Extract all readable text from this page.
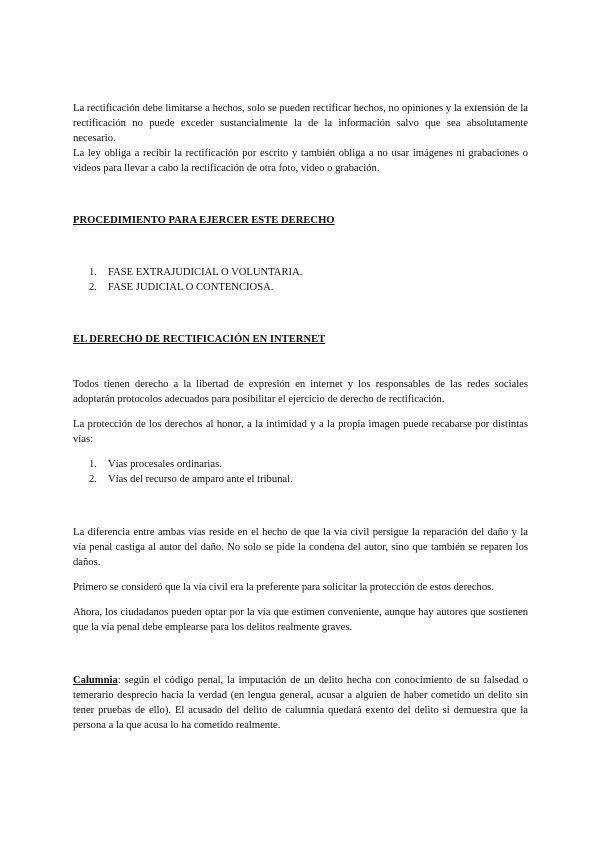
La rectificación debe limitarse a hechos, solo se pueden rectificar hechos, no opiniones y la extensión de la rectificación no puede exceder sustancialmente la de la información salvo que sea absolutamente necesario.

La ley obliga a recibir la rectificación por escrito y también obliga a no usar imágenes ni grabaciones o videos para llevar a cabo la rectificación de otra foto, video o grabación.

PROCEDIMIENTO PARA EJERCER ESTE DERECHO

1. FASE EXTRAJUDICIAL O VOLUNTARIA.
2. FASE JUDICIAL O CONTENCIOSA.

EL DERECHO DE RECTIFICACIÓN EN INTERNET

Todos tienen derecho a la libertad de expresión en internet y los responsables de las redes sociales adoptarán protocolos adecuados para posibilitar el ejercicio de derecho de rectificación.

La protección de los derechos al honor, a la intimidad y a la propia imagen puede recabarse por distintas vías:

1. Vías procesales ordinarias.
2. Vías del recurso de amparo ante el tribunal.

La diferencia entre ambas vías reside en el hecho de que la vía civil persigue la reparación del daño y la vía penal castiga al autor del daño. No solo se pide la condena del autor, sino que también se reparen los daños.

Primero se consideró que la vía civil era la preferente para solicitar la protección de estos derechos.

Ahora, los ciudadanos pueden optar por la vía que estimen conveniente, aunque hay autores que sostienen que la vía penal debe emplearse para los delitos realmente graves.

Calumnia: según el código penal, la imputación de un delito hecha con conocimiento de su falsedad o temerario desprecio hacia la verdad (en lengua general, acusar a alguien de haber cometido un delito sin tener pruebas de ello). El acusado del delito de calumnia quedará exento del delito si demuestra que la persona a la que acusa lo ha cometido realmente.
